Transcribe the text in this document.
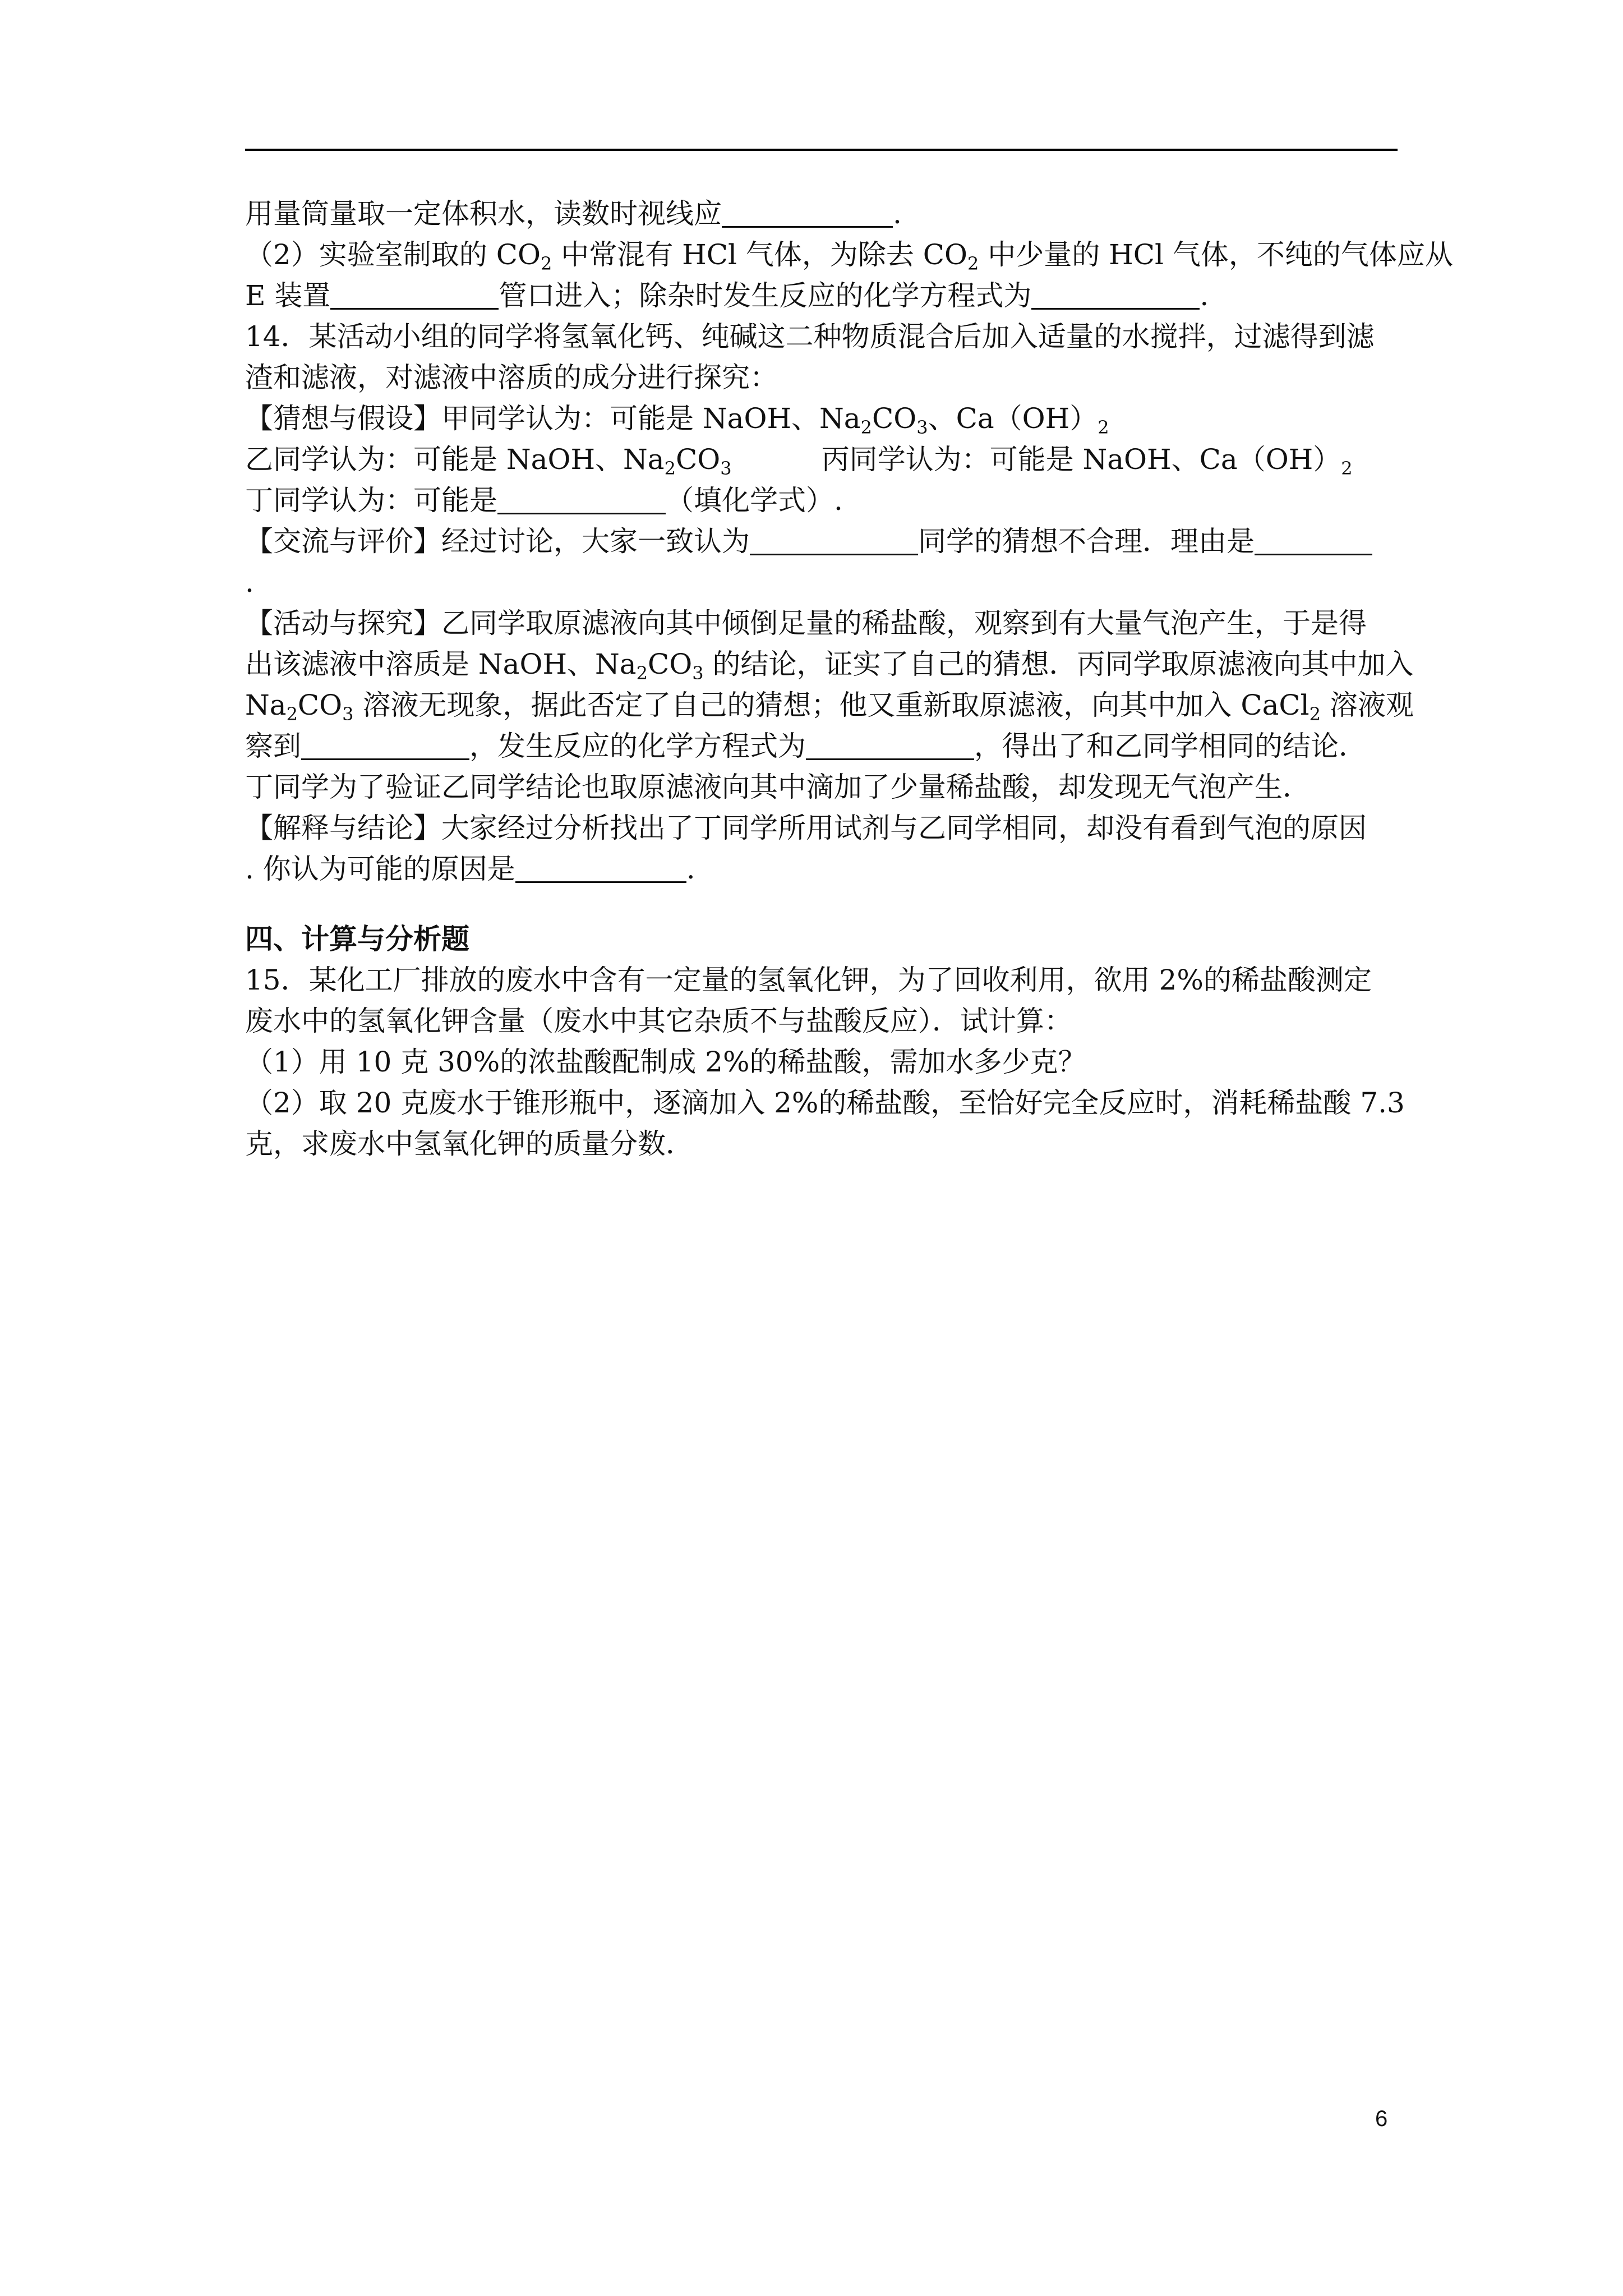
用量筒量取一定体积水，读数时视线应	.
（2）实验室制取的 $CO_2$ 中常混有 HCl 气体，为除去 $CO_2$ 中少量的 HCl 气体，不纯的气体应从
E 装置	管口进入；除杂时发生反应的化学方程式为	.
14．某活动小组的同学将氢氧化钙、纯碱这二种物质混合后加入适量的水搅拌，过滤得到滤
渣和滤液，对滤液中溶质的成分进行探究：
【猜想与假设】甲同学认为：可能是 NaOH、$Na_2CO_3$、$Ca(OH)_2$
乙同学认为：可能是 NaOH、$Na_2CO_3$	丙同学认为：可能是 NaOH、$Ca(OH)_2$
丁同学认为：可能是	（填化学式）.
【交流与评价】经过讨论，大家一致认为	同学的猜想不合理．理由是
.
【活动与探究】乙同学取原滤液向其中倾倒足量的稀盐酸，观察到有大量气泡产生，于是得
出该滤液中溶质是 NaOH、$Na_2CO_3$ 的结论，证实了自己的猜想．丙同学取原滤液向其中加入
$Na_2CO_3$ 溶液无现象，据此否定了自己的猜想；他又重新取原滤液，向其中加入 CaCl$_2$ 溶液观
察到	，发生反应的化学方程式为	，得出了和乙同学相同的结论．
丁同学为了验证乙同学结论也取原滤液向其中滴加了少量稀盐酸，却发现无气泡产生．
【解释与结论】大家经过分析找出了丁同学所用试剂与乙同学相同，却没有看到气泡的原因
. 你认为可能的原因是	.
四、计算与分析题
15．某化工厂排放的废水中含有一定量的氢氧化钾，为了回收利用，欲用 2%的稀盐酸测定
废水中的氢氧化钾含量（废水中其它杂质不与盐酸反应）．试计算：
（1）用 10 克 30%的浓盐酸配制成 2%的稀盐酸，需加水多少克？
（2）取 20 克废水于锥形瓶中，逐滴加入 2%的稀盐酸，至恰好完全反应时，消耗稀盐酸 7.3
克，求废水中氢氧化钾的质量分数．
6
